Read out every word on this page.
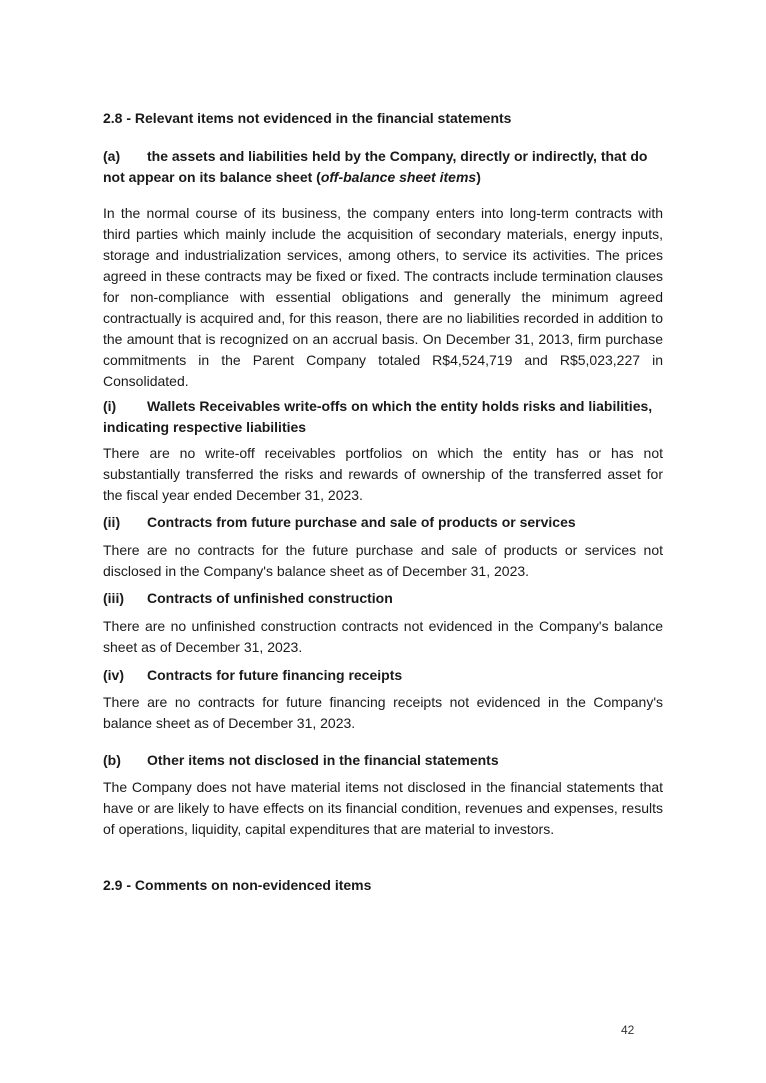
2.8 - Relevant items not evidenced in the financial statements
(a) the assets and liabilities held by the Company, directly or indirectly, that do not appear on its balance sheet (off-balance sheet items)
In the normal course of its business, the company enters into long-term contracts with third parties which mainly include the acquisition of secondary materials, energy inputs, storage and industrialization services, among others, to service its activities. The prices agreed in these contracts may be fixed or fixed. The contracts include termination clauses for non-compliance with essential obligations and generally the minimum agreed contractually is acquired and, for this reason, there are no liabilities recorded in addition to the amount that is recognized on an accrual basis. On December 31, 2013, firm purchase commitments in the Parent Company totaled R$4,524,719 and R$5,023,227 in Consolidated.
(i) Wallets Receivables write-offs on which the entity holds risks and liabilities, indicating respective liabilities
There are no write-off receivables portfolios on which the entity has or has not substantially transferred the risks and rewards of ownership of the transferred asset for the fiscal year ended December 31, 2023.
(ii) Contracts from future purchase and sale of products or services
There are no contracts for the future purchase and sale of products or services not disclosed in the Company's balance sheet as of December 31, 2023.
(iii) Contracts of unfinished construction
There are no unfinished construction contracts not evidenced in the Company's balance sheet as of December 31, 2023.
(iv) Contracts for future financing receipts
There are no contracts for future financing receipts not evidenced in the Company's balance sheet as of December 31, 2023.
(b) Other items not disclosed in the financial statements
The Company does not have material items not disclosed in the financial statements that have or are likely to have effects on its financial condition, revenues and expenses, results of operations, liquidity, capital expenditures that are material to investors.
2.9 - Comments on non-evidenced items
42
